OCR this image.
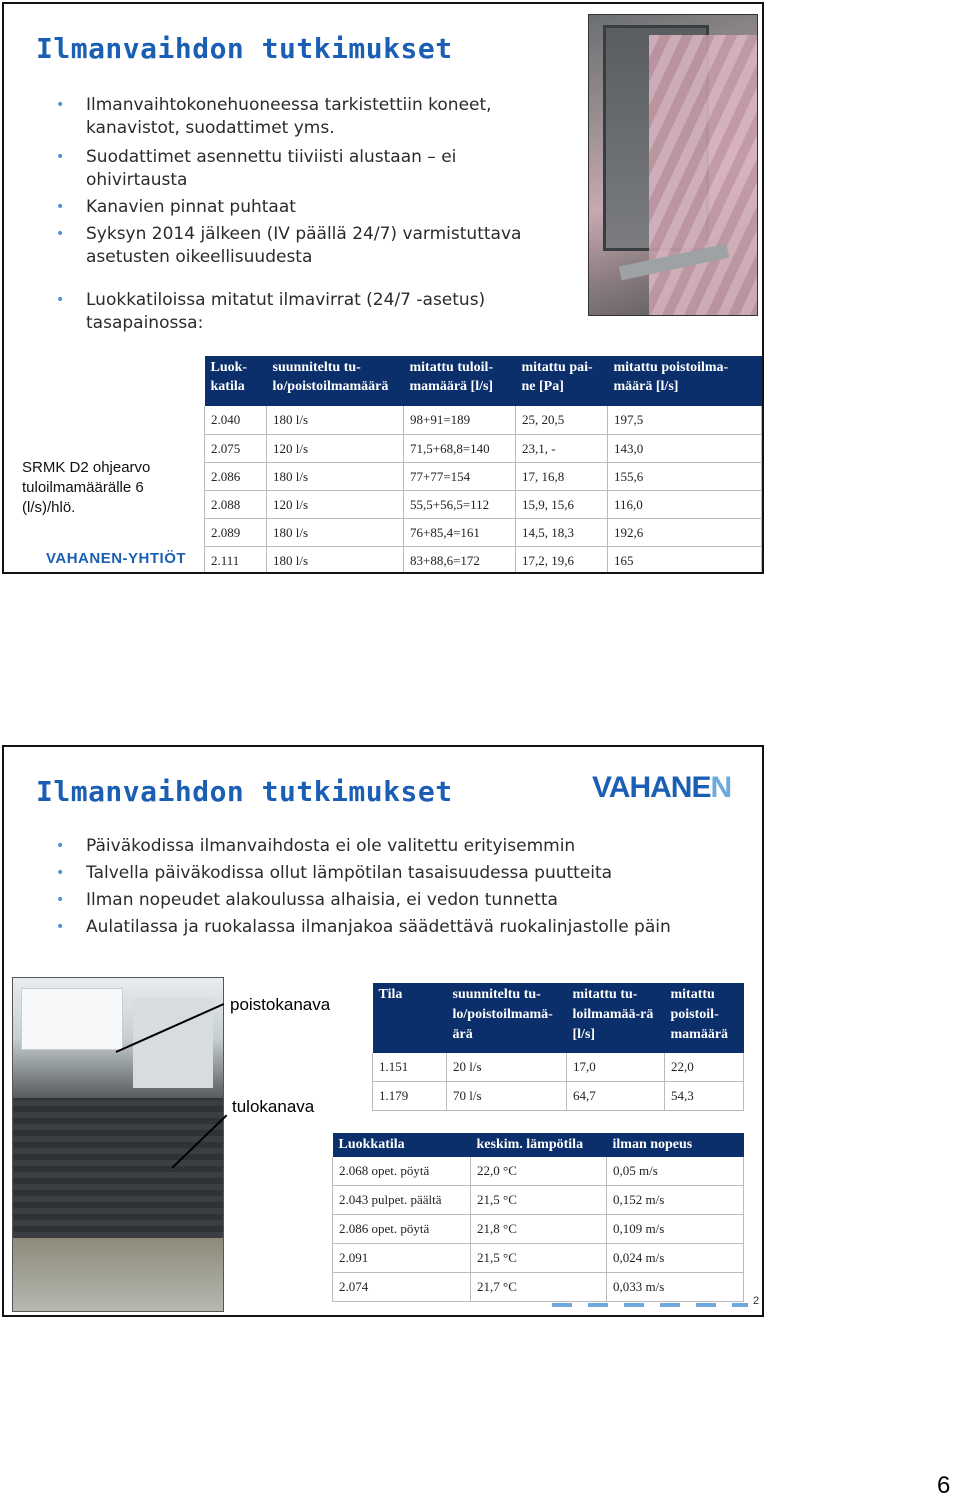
Ilmanvaihdon tutkimukset
• Ilmanvaihtokonehuoneessa tarkistettiin koneet, kanavistot, suodattimet yms.
• Suodattimet asennettu tiiviisti alustaan – ei ohivirtausta
• Kanavien pinnat puhtaat
• Syksyn 2014 jälkeen (IV päällä 24/7) varmistuttava asetusten oikeellisuudesta
• Luokkatiloissa mitatut ilmavirrat (24/7 -asetus) tasapainossa:

SRMK D2 ohjearvo tuloilmamäärälle 6 (l/s)/hlö.

VAHANEN-YHTIÖT

Luok-katila	suunniteltu tu-lo/poistoilmamäärä	mitattu tuloil-mamäärä [l/s]	mitattu pai-ne [Pa]	mitattu poistoilma-määrä [l/s]
2.040	180 l/s	98+91=189	25, 20,5	197,5
2.075	120 l/s	71,5+68,8=140	23,1, -	143,0
2.086	180 l/s	77+77=154	17, 16,8	155,6
2.088	120 l/s	55,5+56,5=112	15,9, 15,6	116,0
2.089	180 l/s	76+85,4=161	14,5, 18,3	192,6
2.111	180 l/s	83+88,6=172	17,2, 19,6	165
Ilmanvaihdon tutkimukset	VAHANEN

• Päiväkodissa ilmanvaihdosta ei ole valitettu erityisemmin
• Talvella päiväkodissa ollut lämpötilan tasaisuudessa puutteita
• Ilman nopeudet alakoulussa alhaisia, ei vedon tunnetta
• Aulatilassa ja ruokalassa ilmanjakoa säädettävä ruokalinjastolle päin

poistokanava

tulokanava

Tila	suunniteltu tu-lo/poistoilmamä-ärä	mitattu tu-loilmamää-rä [l/s]	mitattu poistoil-mamäärä
1.151	20 l/s	17,0	22,0
1.179	70 l/s	64,7	54,3
Luokkatila	keskim. lämpötila	ilman nopeus
2.068 opet. pöytä	22,0 °C	0,05 m/s
2.043 pulpet. päältä	21,5 °C	0,152 m/s
2.086 opet. pöytä	21,8 °C	0,109 m/s
2.091	21,5 °C	0,024 m/s
2.074	21,7 °C	0,033 m/s

2

6
